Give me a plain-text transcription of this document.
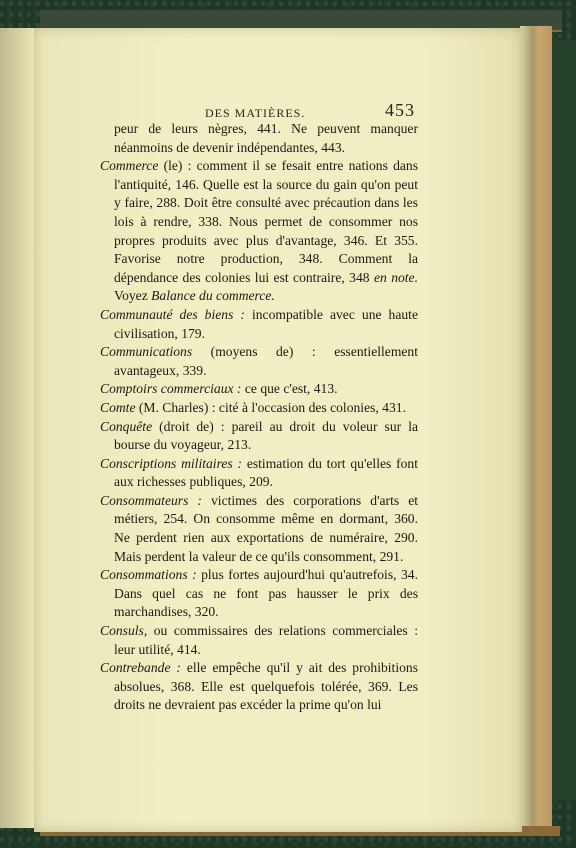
DES MATIÈRES.	453

peur de leurs nègres, 441. Ne peuvent manquer néanmoins de devenir indépendantes, 443.

Commerce (le) : comment il se fesait entre nations dans l'antiquité, 146. Quelle est la source du gain qu'on peut y faire, 288. Doit être consulté avec précaution dans les lois à rendre, 338. Nous permet de consommer nos propres produits avec plus d'avantage, 346. Et 355. Favorise notre production, 348. Comment la dépendance des colonies lui est contraire, 348 en note. Voyez Balance du commerce.

Communauté des biens : incompatible avec une haute civilisation, 179.

Communications (moyens de) : essentiellement avantageux, 339.

Comptoirs commerciaux : ce que c'est, 413.

Comte (M. Charles) : cité à l'occasion des colonies, 431.

Conquête (droit de) : pareil au droit du voleur sur la bourse du voyageur, 213.

Conscriptions militaires : estimation du tort qu'elles font aux richesses publiques, 209.

Consommateurs : victimes des corporations d'arts et métiers, 254. On consomme même en dormant, 360. Ne perdent rien aux exportations de numéraire, 290. Mais perdent la valeur de ce qu'ils consomment, 291.

Consommations : plus fortes aujourd'hui qu'autrefois, 34. Dans quel cas ne font pas hausser le prix des marchandises, 320.

Consuls, ou commissaires des relations commerciales : leur utilité, 414.

Contrebande : elle empêche qu'il y ait des prohibitions absolues, 368. Elle est quelquefois tolérée, 369. Les droits ne devraient pas excéder la prime qu'on lui
